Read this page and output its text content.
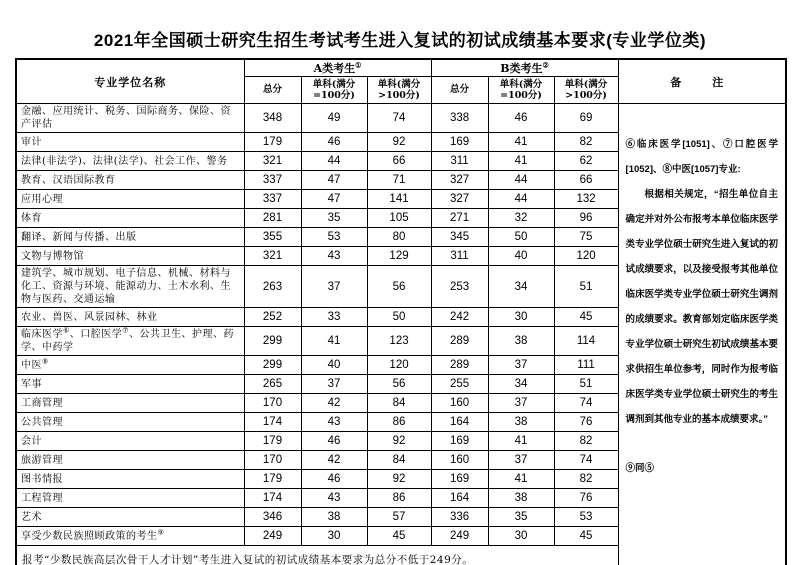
2021年全国硕士研究生招生考试考生进入复试的初试成绩基本要求(专业学位类)
专业学位名称	A类考生①			B类考生②			备　注
	总分	单科(满分=100分)	单科(满分>100分)	总分	单科(满分=100分)	单科(满分>100分)	
金融、应用统计、税务、国际商务、保险、资产评估	348	49	74	338	46	69	⑥临床医学[1051]、⑦口腔医学[1052]、⑧中医[1057]专业:

根据相关规定，“招生单位自主确定并对外公布报考本单位临床医学类专业学位硕士研究生进入复试的初试成绩要求，以及接受报考其他单位临床医学类专业学位硕士研究生调剂的成绩要求。教育部划定临床医学类专业学位硕士研究生初试成绩基本要求供招生单位参考，同时作为报考临床医学类专业学位硕士研究生的考生调剂到其他专业的基本成绩要求。”

⑨同⑤

审计	179	46	92	169	41	82	
法律(非法学)、法律(法学)、社会工作、警务	321	44	66	311	41	62	
教育、汉语国际教育	337	47	71	327	44	66	
应用心理	337	47	141	327	44	132	
体育	281	35	105	271	32	96	
翻译、新闻与传播、出版	355	53	80	345	50	75	
文物与博物馆	321	43	129	311	40	120	
建筑学、城市规划、电子信息、机械、材料与化工、资源与环境、能源动力、土木水利、生物与医药、交通运输	263	37	56	253	34	51	
农业、兽医、风景园林、林业	252	33	50	242	30	45	
临床医学⑥、口腔医学⑦、公共卫生、护理、药学、中药学	299	41	123	289	38	114	
中医⑧	299	40	120	289	37	111	
军事	265	37	56	255	34	51	
工商管理	170	42	84	160	37	74	
公共管理	174	43	86	164	38	76	
会计	179	46	92	169	41	82	
旅游管理	170	42	84	160	37	74	
图书情报	179	46	92	169	41	82	
工程管理	174	43	86	164	38	76	
艺术	346	38	57	336	35	53	
享受少数民族照顾政策的考生⑨	249	30	45	249	30	45	
报考“少数民族高层次骨干人才计划”考生进入复试的初试成绩基本要求为总分不低于249分。							
